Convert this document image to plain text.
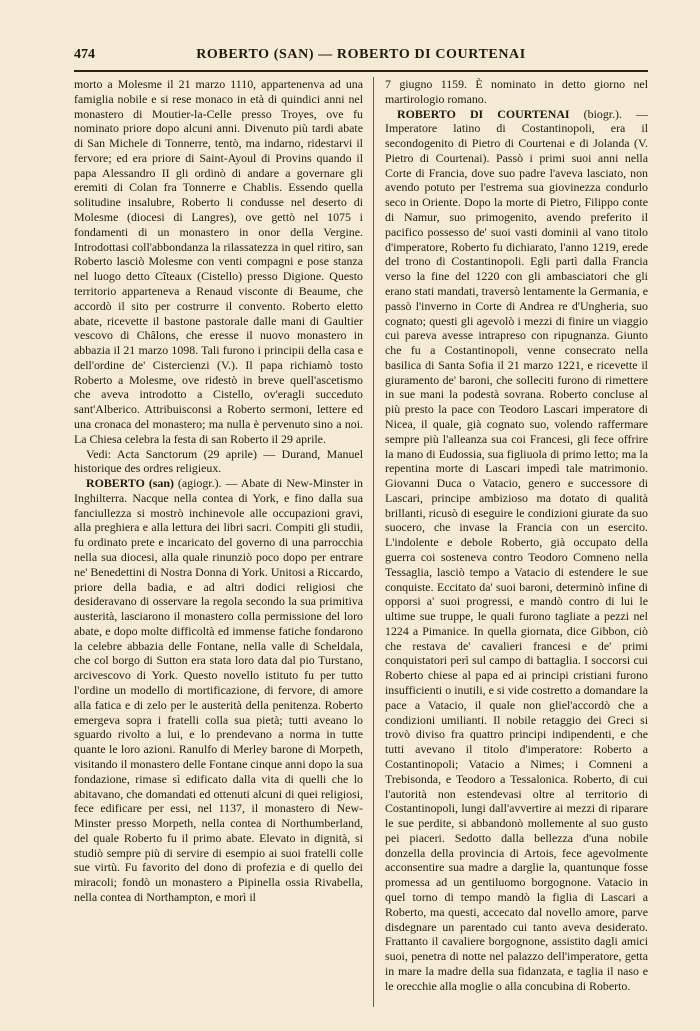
474	ROBERTO (SAN) — ROBERTO DI COURTENAI

morto a Molesme il 21 marzo 1110, appartenenva ad una famiglia nobile e si rese monaco in età di quindici anni nel monastero di Moutier-la-Celle presso Troyes, ove fu nominato priore dopo alcuni anni. Divenuto più tardi abate di San Michele di Tonnerre, tentò, ma indarno, ridestarvi il fervore; ed era priore di Saint-Ayoul di Provins quando il papa Alessandro II gli ordinò di andare a governare gli eremiti di Colan fra Tonnerre e Chablis. Essendo quella solitudine insalubre, Roberto li condusse nel deserto di Molesme (diocesi di Langres), ove gettò nel 1075 i fondamenti di un monastero in onor della Vergine. Introdottasi coll'abbondanza la rilassatezza in quel ritiro, san Roberto lasciò Molesme con venti compagni e pose stanza nel luogo detto Cîteaux (Cistello) presso Digione. Questo territorio apparteneva a Renaud visconte di Beaume, che accordò il sito per costrurre il convento. Roberto eletto abate, ricevette il bastone pastorale dalle mani di Gaultier vescovo di Châlons, che eresse il nuovo monastero in abbazia il 21 marzo 1098. Tali furono i principii della casa e dell'ordine de' Cistercienzi (V.). Il papa richiamò tosto Roberto a Molesme, ove ridestò in breve quell'ascetismo che aveva introdotto a Cistello, ov'eragli succeduto sant'Alberico. Attribuisconsi a Roberto sermoni, lettere ed una cronaca del monastero; ma nulla è pervenuto sino a noi. La Chiesa celebra la festa di san Roberto il 29 aprile.

Vedi: Acta Sanctorum (29 aprile) — Durand, Manuel historique des ordres religieux.

ROBERTO (san) (agiogr.). — Abate di New-Minster in Inghilterra. Nacque nella contea di York, e fino dalla sua fanciullezza si mostrò inchinevole alle occupazioni gravi, alla preghiera e alla lettura dei libri sacri. Compiti gli studii, fu ordinato prete e incaricato del governo di una parrocchia nella sua diocesi, alla quale rinunziò poco dopo per entrare ne' Benedettini di Nostra Donna di York. Unitosi a Riccardo, priore della badia, e ad altri dodici religiosi che desideravano di osservare la regola secondo la sua primitiva austerità, lasciarono il monastero colla permissione del loro abate, e dopo molte difficoltà ed immense fatiche fondarono la celebre abbazia delle Fontane, nella valle di Scheldala, che col borgo di Sutton era stata loro data dal pio Turstano, arcivescovo di York. Questo novello istituto fu per tutto l'ordine un modello di mortificazione, di fervore, di amore alla fatica e di zelo per le austerità della penitenza. Roberto emergeva sopra i fratelli colla sua pietà; tutti aveano lo sguardo rivolto a lui, e lo prendevano a norma in tutte quante le loro azioni. Ranulfo di Merley barone di Morpeth, visitando il monastero delle Fontane cinque anni dopo la sua fondazione, rimase sì edificato dalla vita di quelli che lo abitavano, che domandati ed ottenuti alcuni di quei religiosi, fece edificare per essi, nel 1137, il monastero di New-Minster presso Morpeth, nella contea di Northumberland, del quale Roberto fu il primo abate. Elevato in dignità, si studiò sempre più di servire di esempio ai suoi fratelli colle sue virtù. Fu favorito del dono di profezia e di quello dei miracoli; fondò un monastero a Pipinella ossia Rivabella, nella contea di Northampton, e morì il

7 giugno 1159. È nominato in detto giorno nel martirologio romano.

ROBERTO DI COURTENAI (biogr.). — Imperatore latino di Costantinopoli, era il secondogenito di Pietro di Courtenai e di Jolanda (V. Pietro di Courtenai). Passò i primi suoi anni nella Corte di Francia, dove suo padre l'aveva lasciato, non avendo potuto per l'estrema sua giovinezza condurlo seco in Oriente. Dopo la morte di Pietro, Filippo conte di Namur, suo primogenito, avendo preferito il pacifico possesso de' suoi vasti dominii al vano titolo d'imperatore, Roberto fu dichiarato, l'anno 1219, erede del trono di Costantinopoli. Egli partì dalla Francia verso la fine del 1220 con gli ambasciatori che gli erano stati mandati, traversò lentamente la Germania, e passò l'inverno in Corte di Andrea re d'Ungheria, suo cognato; questi gli agevolò i mezzi di finire un viaggio cui pareva avesse intrapreso con ripugnanza. Giunto che fu a Costantinopoli, venne consecrato nella basilica di Santa Sofia il 21 marzo 1221, e ricevette il giuramento de' baroni, che solleciti furono di rimettere in sue mani la podestà sovrana. Roberto concluse al più presto la pace con Teodoro Lascari imperatore di Nicea, il quale, già cognato suo, volendo raffermare sempre più l'alleanza sua coi Francesi, gli fece offrire la mano di Eudossia, sua figliuola di primo letto; ma la repentina morte di Lascari impedì tale matrimonio. Giovanni Duca o Vatacio, genero e successore di Lascari, principe ambizioso ma dotato di qualità brillanti, ricusò di eseguire le condizioni giurate da suo suocero, che invase la Francia con un esercito. L'indolente e debole Roberto, già occupato della guerra coi sosteneva contro Teodoro Comneno nella Tessaglia, lasciò tempo a Vatacio di estendere le sue conquiste. Eccitato da' suoi baroni, determinò infine di opporsi a' suoi progressi, e mandò contro di lui le ultime sue truppe, le quali furono tagliate a pezzi nel 1224 a Pimanice. In quella giornata, dice Gibbon, ciò che restava de' cavalieri francesi e de' primi conquistatori perì sul campo di battaglia. I soccorsi cui Roberto chiese al papa ed ai principi cristiani furono insufficienti o inutili, e si vide costretto a domandare la pace a Vatacio, il quale non gliel'accordò che a condizioni umilianti. Il nobile retaggio dei Greci si trovò diviso fra quattro principi indipendenti, e che tutti avevano il titolo d'imperatore: Roberto a Costantinopoli; Vatacio a Nimes; i Comneni a Trebisonda, e Teodoro a Tessalonica. Roberto, di cui l'autorità non estendevasi oltre al territorio di Costantinopoli, lungi dall'avvertire ai mezzi di riparare le sue perdite, si abbandonò mollemente al suo gusto pei piaceri. Sedotto dalla bellezza d'una nobile donzella della provincia di Artois, fece agevolmente acconsentire sua madre a darglie la, quantunque fosse promessa ad un gentiluomo borgognone. Vatacio in quel torno di tempo mandò la figlia di Lascari a Roberto, ma questi, accecato dal novello amore, parve disdegnare un parentado cui tanto aveva desiderato. Frattanto il cavaliere borgognone, assistito dagli amici suoi, penetra di notte nel palazzo dell'imperatore, getta in mare la madre della sua fidanzata, e taglia il naso e le orecchie alla moglie o alla concubina di Roberto.
